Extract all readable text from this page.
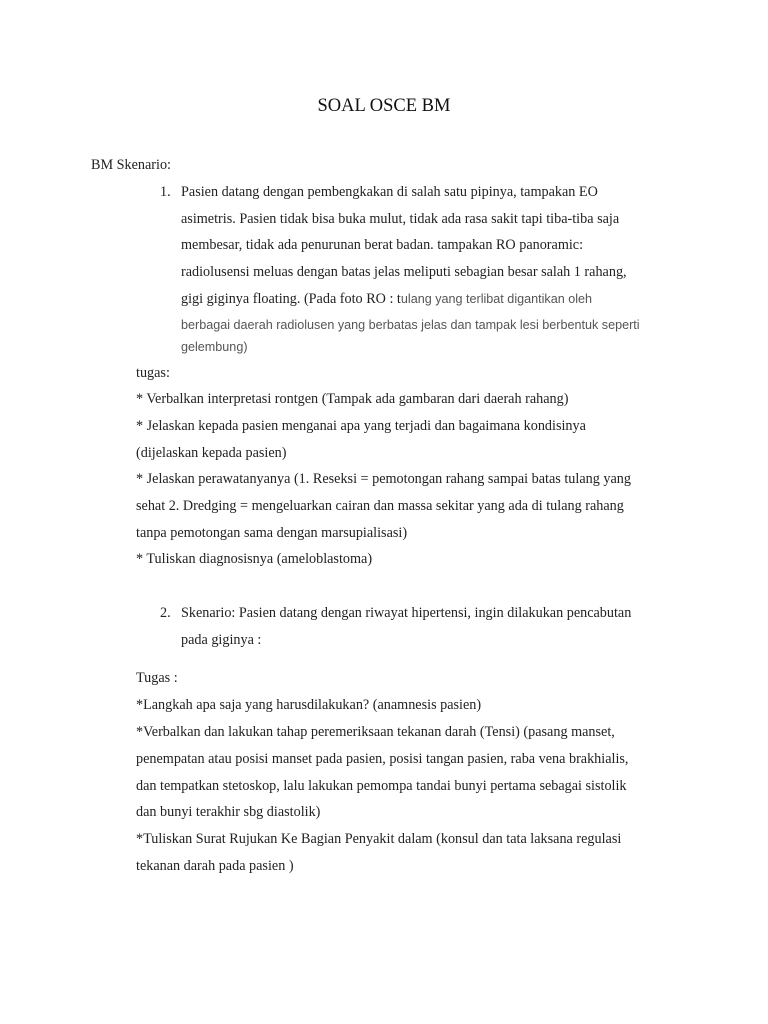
SOAL OSCE BM
BM Skenario:
1. Pasien datang dengan pembengkakan di salah satu pipinya, tampakan EO
asimetris. Pasien tidak bisa buka mulut, tidak ada rasa sakit tapi tiba-tiba saja
membesar, tidak ada penurunan berat badan. tampakan RO panoramic:
radiolusensi meluas dengan batas jelas meliputi sebagian besar salah 1 rahang,
gigi giginya floating. (Pada foto RO : tulang yang terlibat digantikan oleh
berbagai daerah radiolusen yang berbatas jelas dan tampak lesi berbentuk seperti
gelembung)
tugas:
* Verbalkan interpretasi rontgen (Tampak ada gambaran dari daerah rahang)
* Jelaskan kepada pasien menganai apa yang terjadi dan bagaimana kondisinya
(dijelaskan kepada pasien)
* Jelaskan perawatanyanya (1. Reseksi = pemotongan rahang sampai batas tulang yang
sehat 2. Dredging = mengeluarkan cairan dan massa sekitar yang ada di tulang rahang
tanpa pemotongan sama dengan marsupialisasi)
* Tuliskan diagnosisnya (ameloblastoma)
2. Skenario: Pasien datang dengan riwayat hipertensi, ingin dilakukan pencabutan
pada giginya :
Tugas :
*Langkah apa saja yang harusdilakukan? (anamnesis pasien)
*Verbalkan dan lakukan tahap peremeriksaan tekanan darah (Tensi) (pasang manset,
penempatan atau posisi manset pada pasien, posisi tangan pasien, raba vena brakhialis,
dan tempatkan stetoskop, lalu lakukan pemompa tandai bunyi pertama sebagai sistolik
dan bunyi terakhir sbg diastolik)
*Tuliskan Surat Rujukan Ke Bagian Penyakit dalam (konsul dan tata laksana regulasi
tekanan darah pada pasien )
